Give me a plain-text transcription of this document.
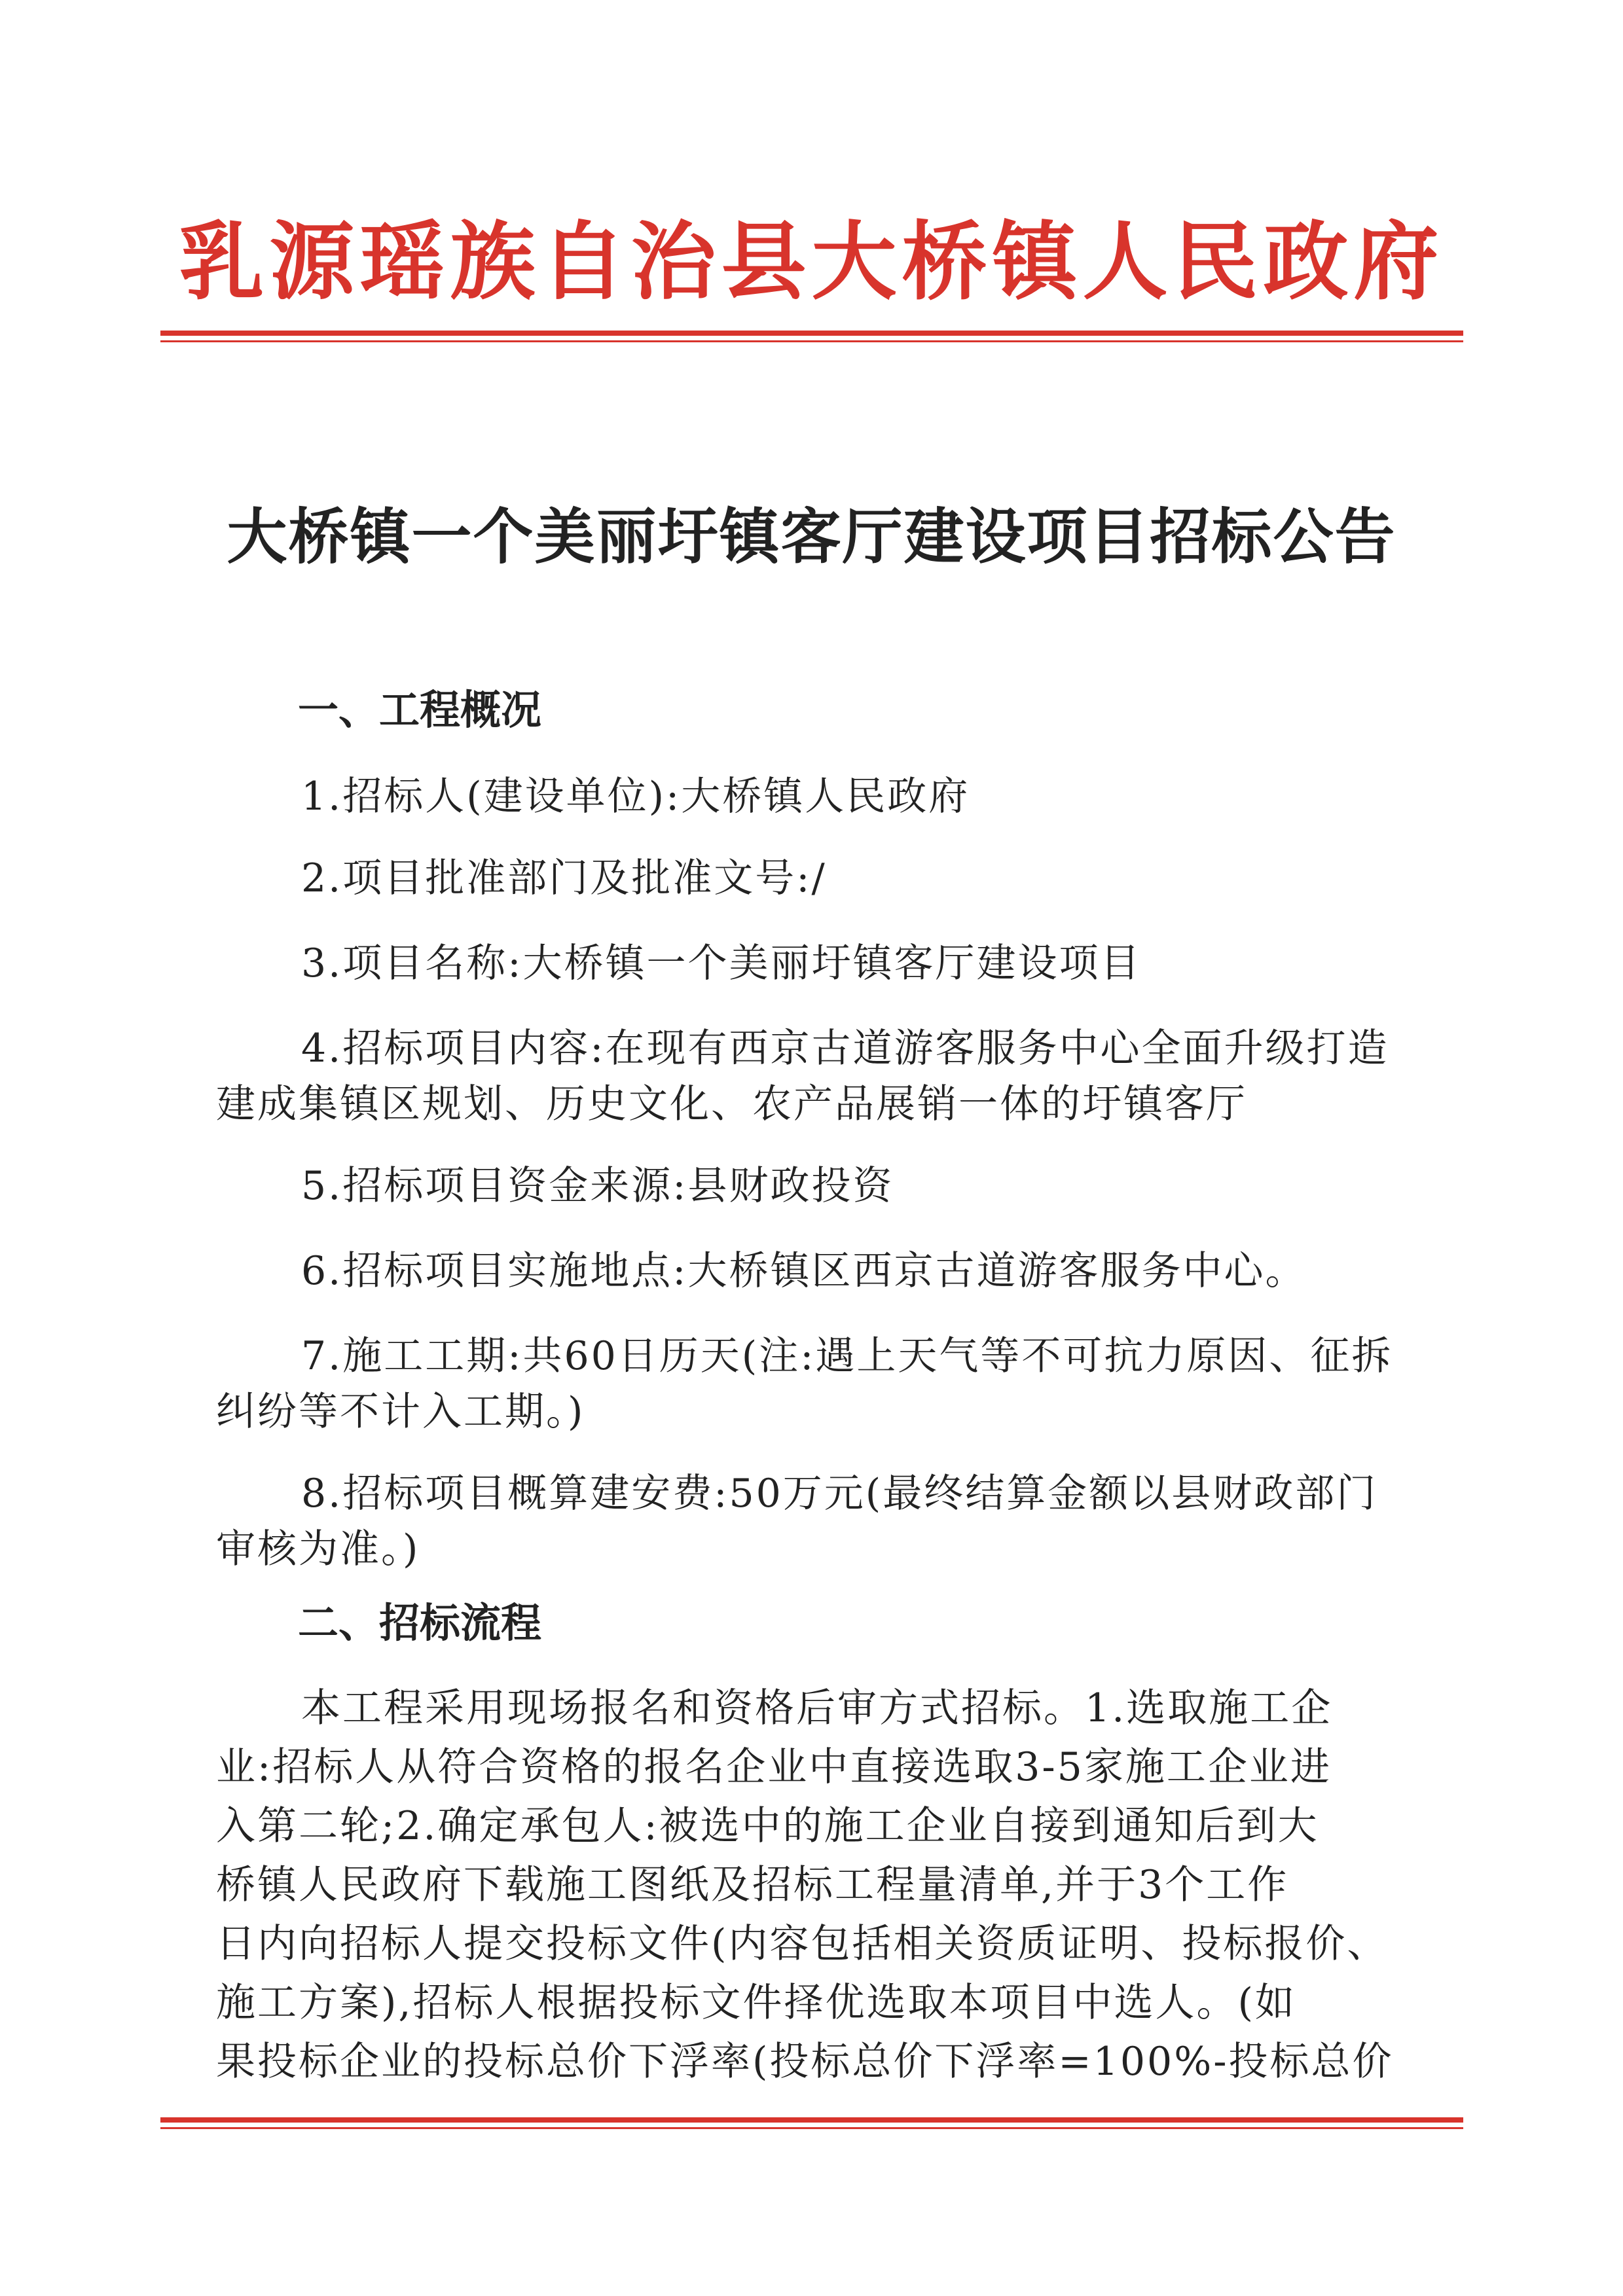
乳源瑶族自治县大桥镇人民政府
大桥镇一个美丽圩镇客厅建设项目招标公告
一、工程概况
1.招标人(建设单位):大桥镇人民政府
2.项目批准部门及批准文号:/
3.项目名称:大桥镇一个美丽圩镇客厅建设项目
4.招标项目内容:在现有西京古道游客服务中心全面升级打造建成集镇区规划、历史文化、农产品展销一体的圩镇客厅
5.招标项目资金来源:县财政投资
6.招标项目实施地点:大桥镇区西京古道游客服务中心。
7.施工工期:共60日历天(注:遇上天气等不可抗力原因、征拆纠纷等不计入工期。)
8.招标项目概算建安费:50万元(最终结算金额以县财政部门审核为准。)
二、招标流程
本工程采用现场报名和资格后审方式招标。1.选取施工企
业:招标人从符合资格的报名企业中直接选取3-5家施工企业进
入第二轮;2.确定承包人:被选中的施工企业自接到通知后到大
桥镇人民政府下载施工图纸及招标工程量清单,并于3个工作
日内向招标人提交投标文件(内容包括相关资质证明、投标报价、
施工方案),招标人根据投标文件择优选取本项目中选人。(如
果投标企业的投标总价下浮率(投标总价下浮率=100%-投标总价
